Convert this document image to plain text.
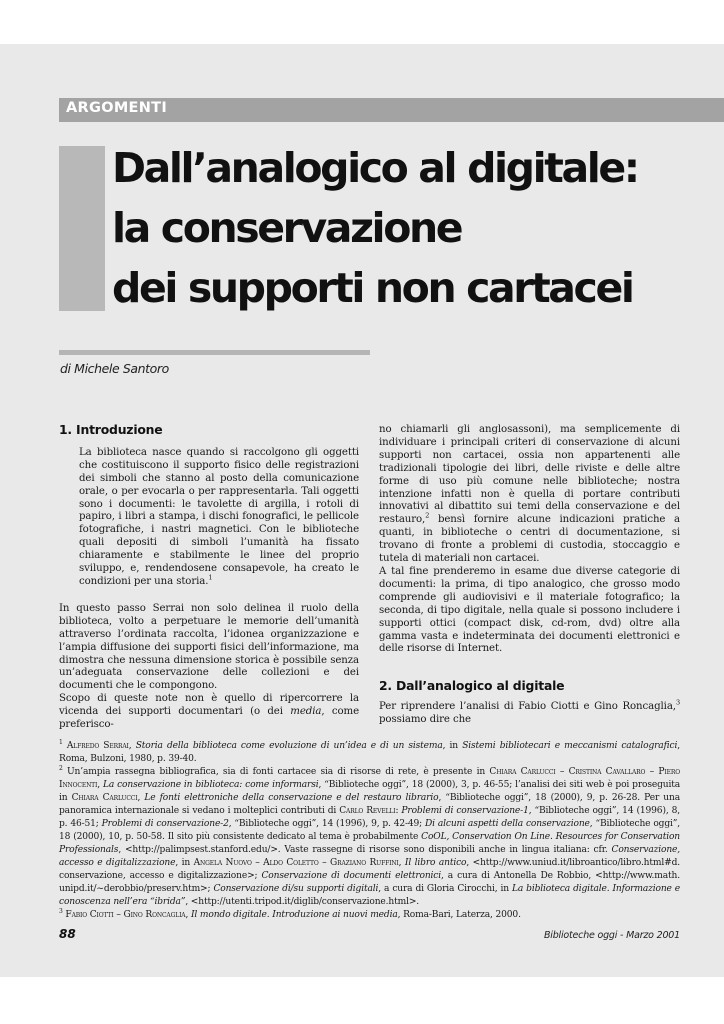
ARGOMENTI
Dall’analogico al digitale:
la conservazione
dei supporti non cartacei
di Michele Santoro
1. Introduzione

La biblioteca nasce quando si raccolgono gli oggetti che costituiscono il supporto fisico delle registrazioni dei simboli che stanno al posto della comunicazione orale, o per evocarla o per rappresentarla. Tali oggetti sono i documenti: le tavolette di argilla, i rotoli di papiro, i libri a stampa, i dischi fonografici, le pellicole fotografiche, i nastri magnetici. Con le biblioteche quali depositi di simboli l’umanità ha fissato chiaramente e stabilmente le linee del proprio sviluppo, e, rendendosene consapevole, ha creato le condizioni per una storia.$^1$

In questo passo Serrai non solo delinea il ruolo della biblioteca, volto a perpetuare le memorie dell’umanità attraverso l’ordinata raccolta, l’idonea organizzazione e l’ampia diffusione dei supporti fisici dell’informazione, ma dimostra che nessuna dimensione storica è possibile senza un’adeguata conservazione delle collezioni e dei documenti che le compongono.

Scopo di queste note non è quello di ripercorrere la vicenda dei supporti documentari (o dei media, come preferisco-

no chiamarli gli anglosassoni), ma semplicemente di individuare i principali criteri di conservazione di alcuni supporti non cartacei, ossia non appartenenti alle tradizionali tipologie dei libri, delle riviste e delle altre forme di uso più comune nelle biblioteche; nostra intenzione infatti non è quella di portare contributi innovativi al dibattito sui temi della conservazione e del restauro,$^2$ bensì fornire alcune indicazioni pratiche a quanti, in biblioteche o centri di documentazione, si trovano di fronte a problemi di custodia, stoccaggio e tutela di materiali non cartacei.

A tal fine prenderemo in esame due diverse categorie di documenti: la prima, di tipo analogico, che grosso modo comprende gli audiovisivi e il materiale fotografico; la seconda, di tipo digitale, nella quale si possono includere i supporti ottici (compact disk, cd-rom, dvd) oltre alla gamma vasta e indeterminata dei documenti elettronici e delle risorse di Internet.

2. Dall’analogico al digitale

Per riprendere l’analisi di Fabio Ciotti e Gino Roncaglia,$^3$ possiamo dire che

$^1$ Alfredo Serrai, Storia della biblioteca come evoluzione di un’idea e di un sistema, in Sistemi bibliotecari e meccanismi catalografici, Roma, Bulzoni, 1980, p. 39-40.

$^2$ Un’ampia rassegna bibliografica, sia di fonti cartacee sia di risorse di rete, è presente in Chiara Carlucci – Cristina Cavallaro – Piero Innocenti, La conservazione in biblioteca: come informarsi, “Biblioteche oggi”, 18 (2000), 3, p. 46-55; l’analisi dei siti web è poi proseguita in Chiara Carlucci, Le fonti elettroniche della conservazione e del restauro librario, “Biblioteche oggi”, 18 (2000), 9, p. 26-28. Per una panoramica internazionale si vedano i molteplici contributi di Carlo Revelli: Problemi di conservazione-1, “Biblioteche oggi”, 14 (1996), 8, p. 46-51; Problemi di conservazione-2, “Biblioteche oggi”, 14 (1996), 9, p. 42-49; Di alcuni aspetti della conservazione, “Biblioteche oggi”, 18 (2000), 10, p. 50-58. Il sito più consistente dedicato al tema è probabilmente CoOL, Conservation On Line. Resources for Conservation Professionals, <http://palimpsest.stanford.edu/>. Vaste rassegne di risorse sono disponibili anche in lingua italiana: cfr. Conservazione, accesso e digitalizzazione, in Angela Nuovo – Aldo Coletto – Graziano Ruffini, Il libro antico, <http://www.uniud.it/libroantico/libro.html#d. conservazione, accesso e digitalizzazione>; Conservazione di documenti elettronici, a cura di Antonella De Robbio, <http://www.math. unipd.it/~derobbio/preserv.htm>; Conservazione di/su supporti digitali, a cura di Gloria Cirocchi, in La biblioteca digitale. Informazione e conoscenza nell’era “ibrida”, <http://utenti.tripod.it/diglib/conservazione.html>.

$^3$ Fabio Ciotti – Gino Roncaglia, Il mondo digitale. Introduzione ai nuovi media, Roma-Bari, Laterza, 2000.

88	Biblioteche oggi - Marzo 2001
